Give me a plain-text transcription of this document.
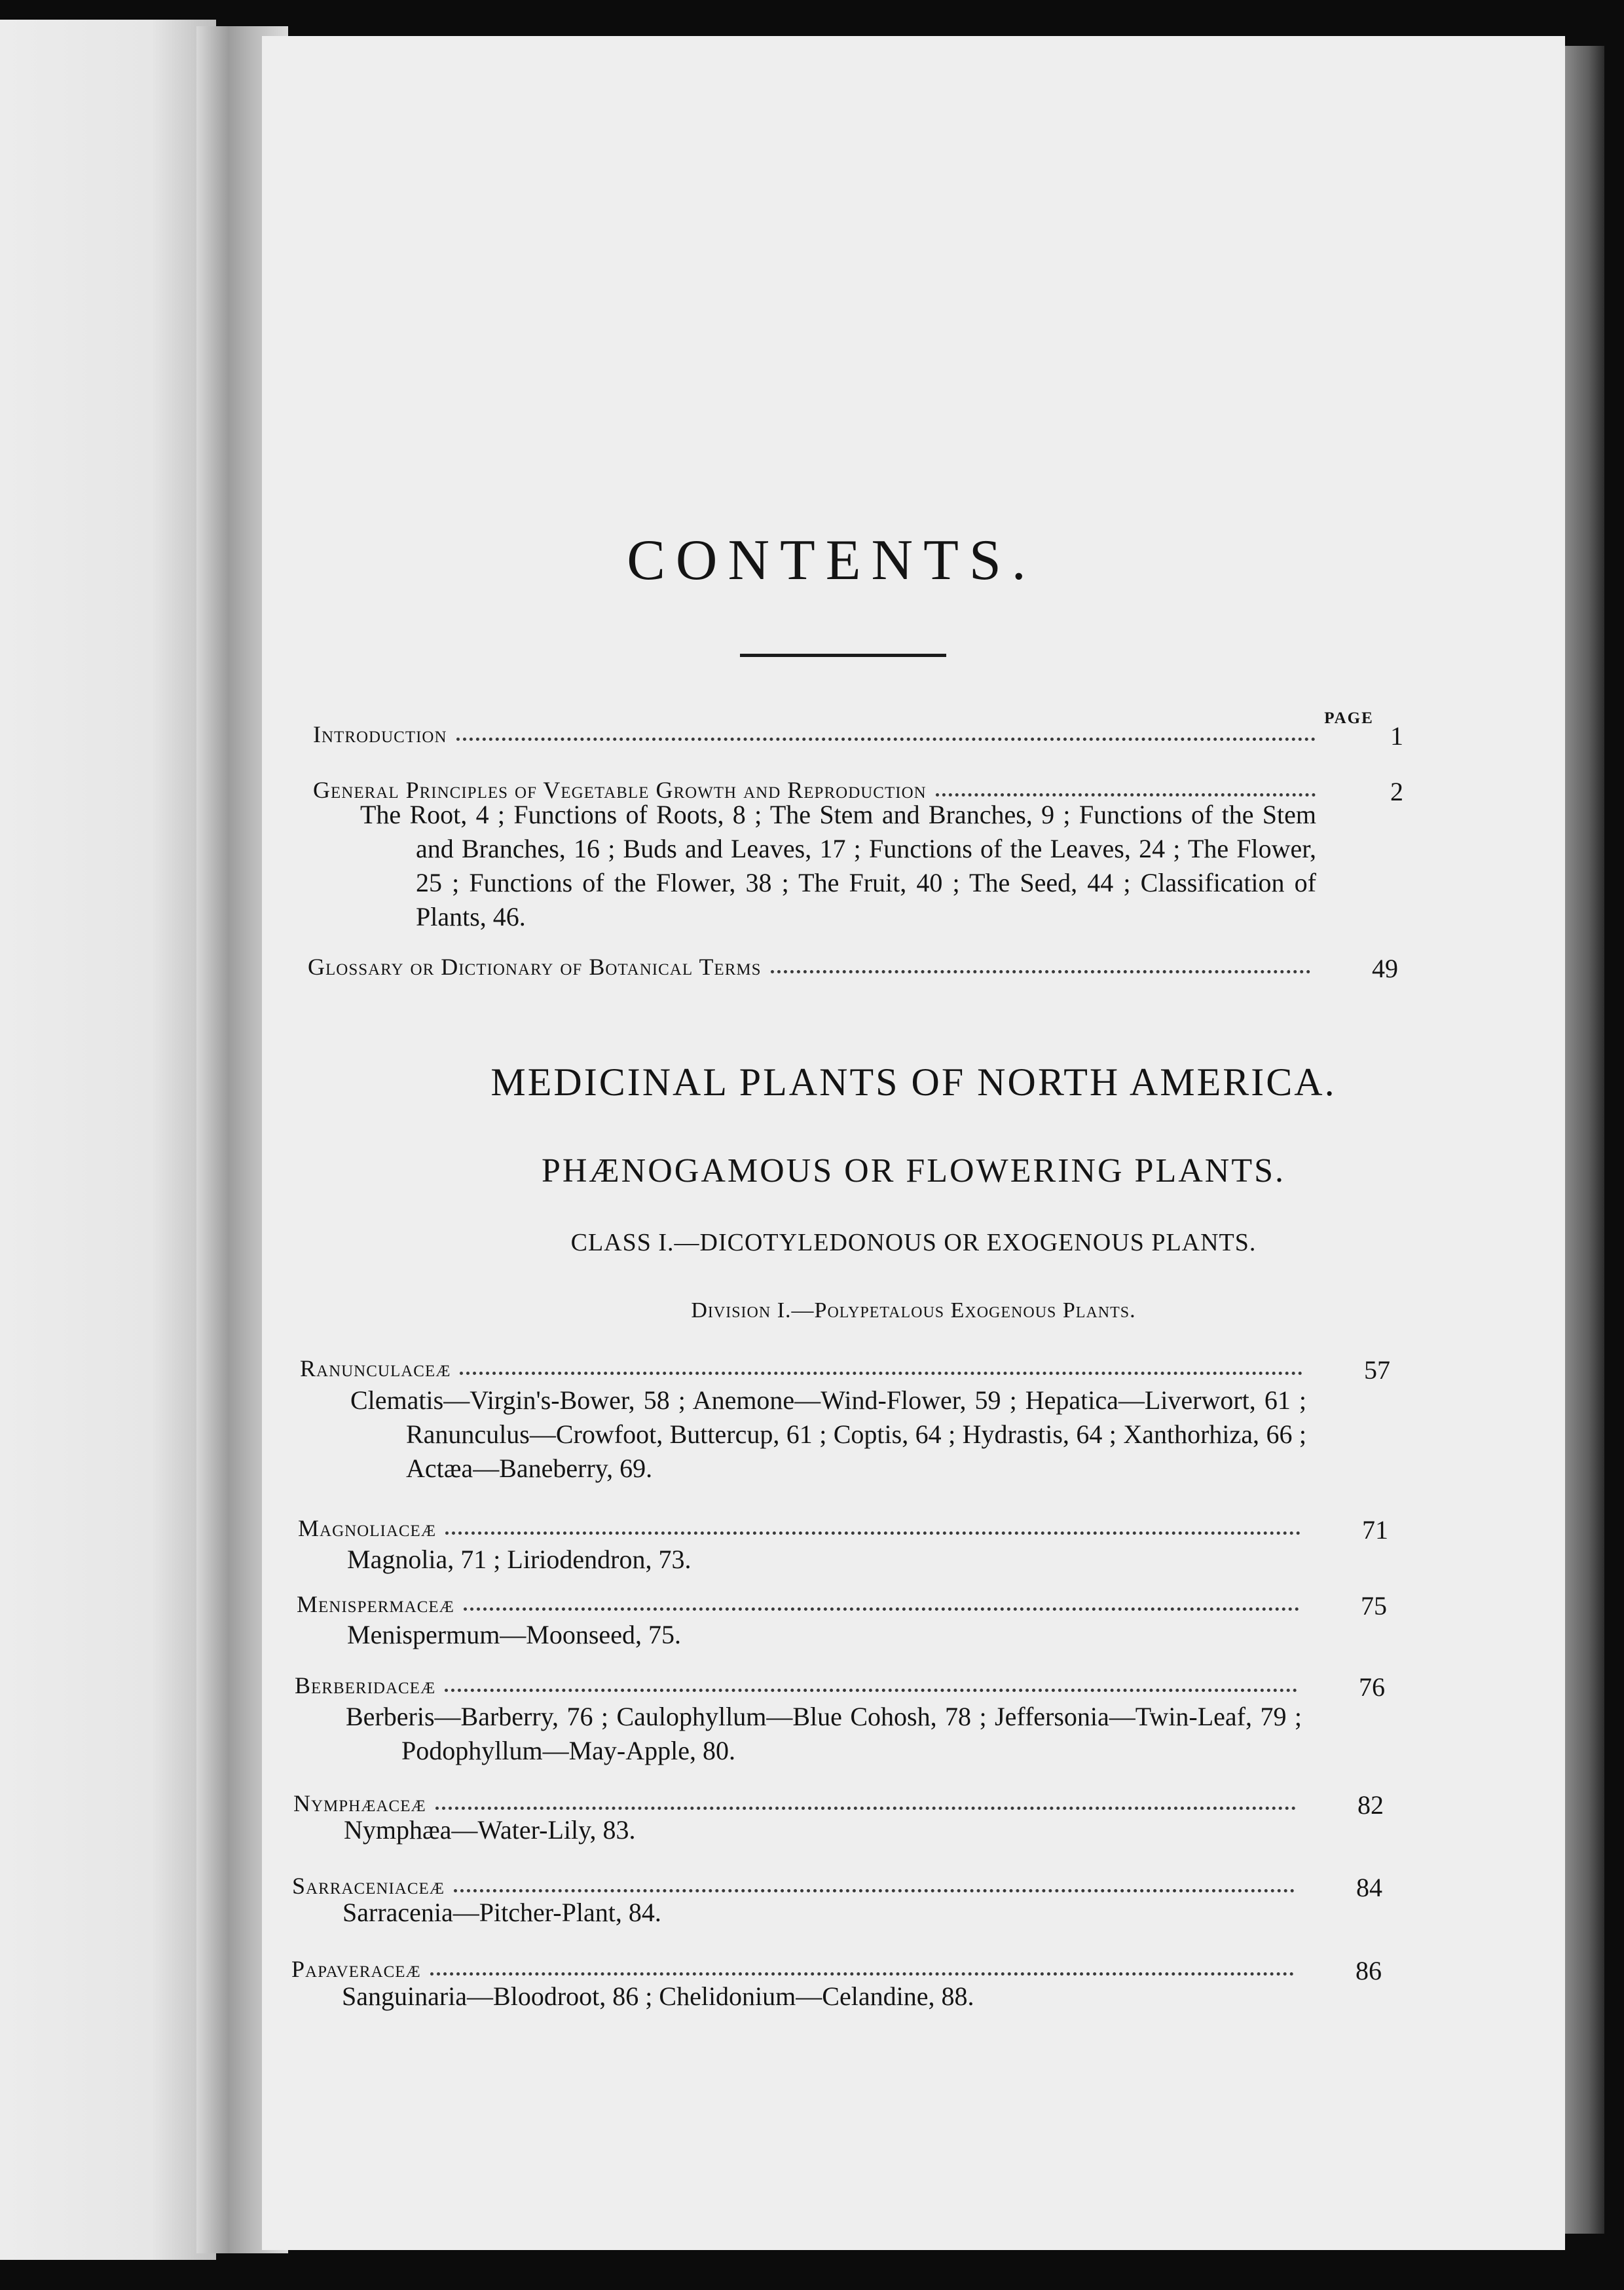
CONTENTS.
PAGE
Introduction	1
General Principles of Vegetable Growth and Reproduction	2
The Root, 4 ; Functions of Roots, 8 ; The Stem and Branches, 9 ; Functions of the Stem and Branches, 16 ; Buds and Leaves, 17 ; Functions of the Leaves, 24 ; The Flower, 25 ; Functions of the Flower, 38 ; The Fruit, 40 ; The Seed, 44 ; Classification of Plants, 46.
Glossary or Dictionary of Botanical Terms	49
MEDICINAL PLANTS OF NORTH AMERICA.
PHÆNOGAMOUS OR FLOWERING PLANTS.
CLASS I.—DICOTYLEDONOUS OR EXOGENOUS PLANTS.
Division I.—Polypetalous Exogenous Plants.
Ranunculaceæ	57
Clematis—Virgin's-Bower, 58 ; Anemone—Wind-Flower, 59 ; Hepatica—Liverwort, 61 ; Ranunculus—Crowfoot, Buttercup, 61 ; Coptis, 64 ; Hydrastis, 64 ; Xanthorhiza, 66 ; Actæa—Baneberry, 69.
Magnoliaceæ	71
Magnolia, 71 ; Liriodendron, 73.
Menispermaceæ	75
Menispermum—Moonseed, 75.
Berberidaceæ	76
Berberis—Barberry, 76 ; Caulophyllum—Blue Cohosh, 78 ; Jeffersonia—Twin-Leaf, 79 ; Podophyllum—May-Apple, 80.
Nymphæaceæ	82
Nymphæa—Water-Lily, 83.
Sarraceniaceæ	84
Sarracenia—Pitcher-Plant, 84.
Papaveraceæ	86
Sanguinaria—Bloodroot, 86 ; Chelidonium—Celandine, 88.
